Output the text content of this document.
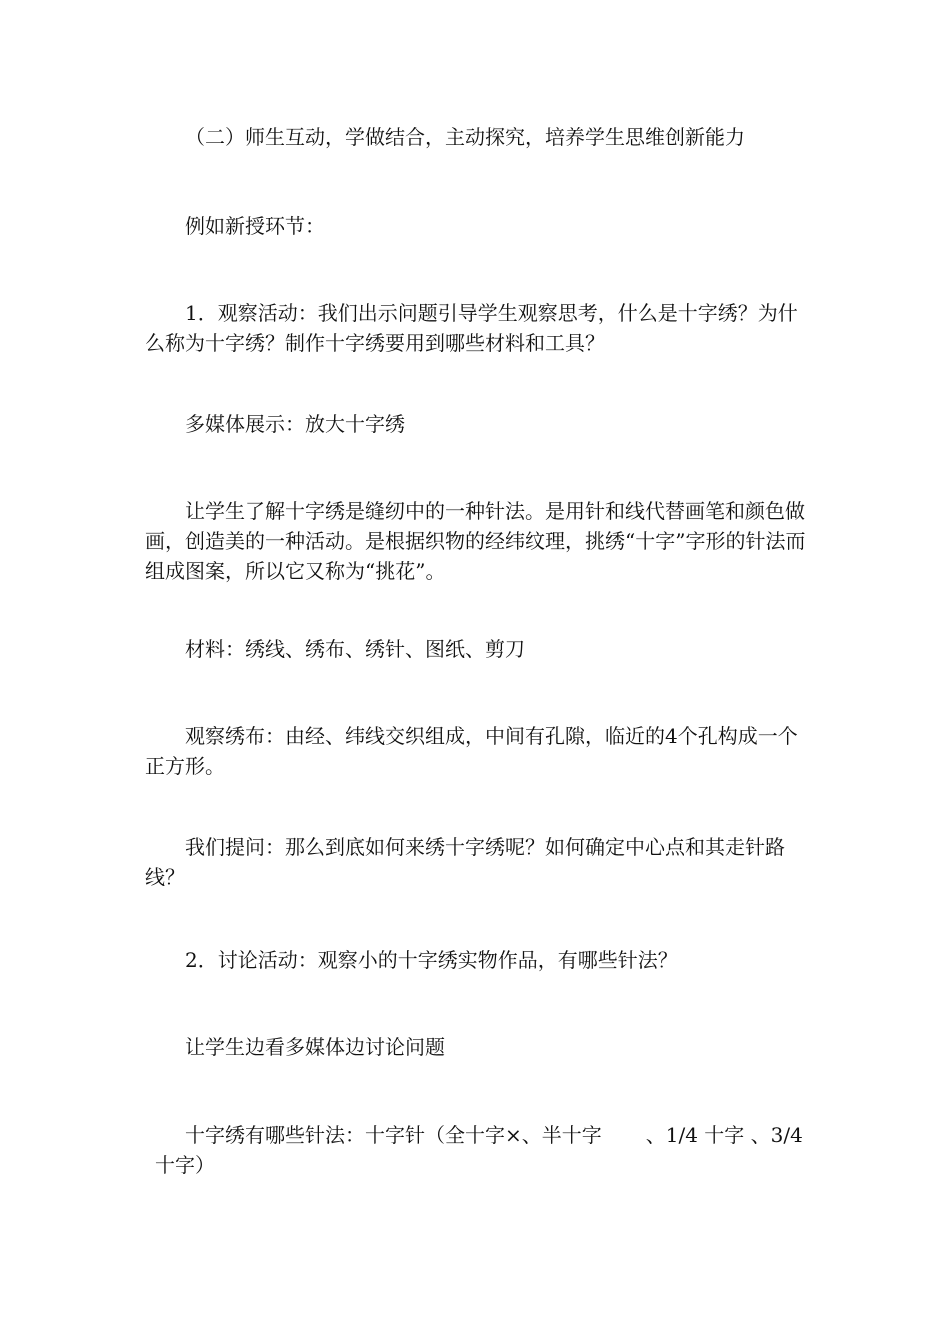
（二）师生互动，学做结合，主动探究，培养学生思维创新能力

例如新授环节：

1．观察活动：我们出示问题引导学生观察思考，什么是十字绣？为什么称为十字绣？制作十字绣要用到哪些材料和工具？

多媒体展示：放大十字绣

让学生了解十字绣是缝纫中的一种针法。是用针和线代替画笔和颜色做画，创造美的一种活动。是根据织物的经纬纹理，挑绣“十字”字形的针法而组成图案，所以它又称为“挑花”。

材料：绣线、绣布、绣针、图纸、剪刀

观察绣布：由经、纬线交织组成，中间有孔隙，临近的4个孔构成一个正方形。

我们提问：那么到底如何来绣十字绣呢？如何确定中心点和其走针路线？

2．讨论活动：观察小的十字绣实物作品，有哪些针法？

让学生边看多媒体边讨论问题

十字绣有哪些针法：十字针（全十字×、半十字 、1/4 十字 、3/4十字）
